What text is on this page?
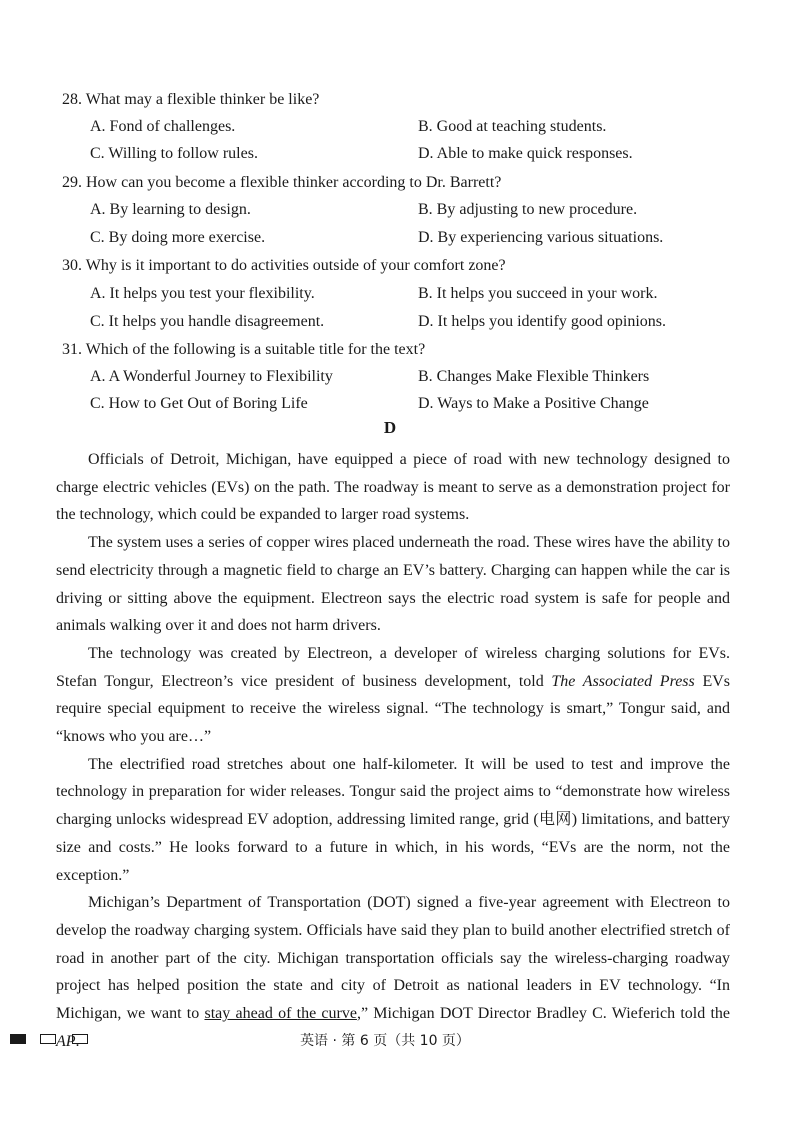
28. What may a flexible thinker be like?
A. Fond of challenges.	B. Good at teaching students.
C. Willing to follow rules.	D. Able to make quick responses.
29. How can you become a flexible thinker according to Dr. Barrett?
A. By learning to design.	B. By adjusting to new procedure.
C. By doing more exercise.	D. By experiencing various situations.
30. Why is it important to do activities outside of your comfort zone?
A. It helps you test your flexibility.	B. It helps you succeed in your work.
C. It helps you handle disagreement.	D. It helps you identify good opinions.
31. Which of the following is a suitable title for the text?
A. A Wonderful Journey to Flexibility	B. Changes Make Flexible Thinkers
C. How to Get Out of Boring Life	D. Ways to Make a Positive Change
D

Officials of Detroit, Michigan, have equipped a piece of road with new technology designed to charge electric vehicles (EVs) on the path. The roadway is meant to serve as a demonstration project for the technology, which could be expanded to larger road systems.

The system uses a series of copper wires placed underneath the road. These wires have the ability to send electricity through a magnetic field to charge an EV’s battery. Charging can happen while the car is driving or sitting above the equipment. Electreon says the electric road system is safe for people and animals walking over it and does not harm drivers.

The technology was created by Electreon, a developer of wireless charging solutions for EVs. Stefan Tongur, Electreon’s vice president of business development, told The Associated Press EVs require special equipment to receive the wireless signal. “The technology is smart,” Tongur said, and “knows who you are…”

The electrified road stretches about one half-kilometer. It will be used to test and improve the technology in preparation for wider releases. Tongur said the project aims to “demonstrate how wireless charging unlocks widespread EV adoption, addressing limited range, grid (电网) limitations, and battery size and costs.” He looks forward to a future in which, in his words, “EVs are the norm, not the exception.”

Michigan’s Department of Transportation (DOT) signed a five-year agreement with Electreon to develop the roadway charging system. Officials have said they plan to build another electrified stretch of road in another part of the city. Michigan transportation officials say the wireless-charging roadway project has helped position the state and city of Detroit as national leaders in EV technology. “In Michigan, we want to stay ahead of the curve,” Michigan DOT Director Bradley C. Wieferich told the AP.	英语 · 第 6 页（共 10 页）
